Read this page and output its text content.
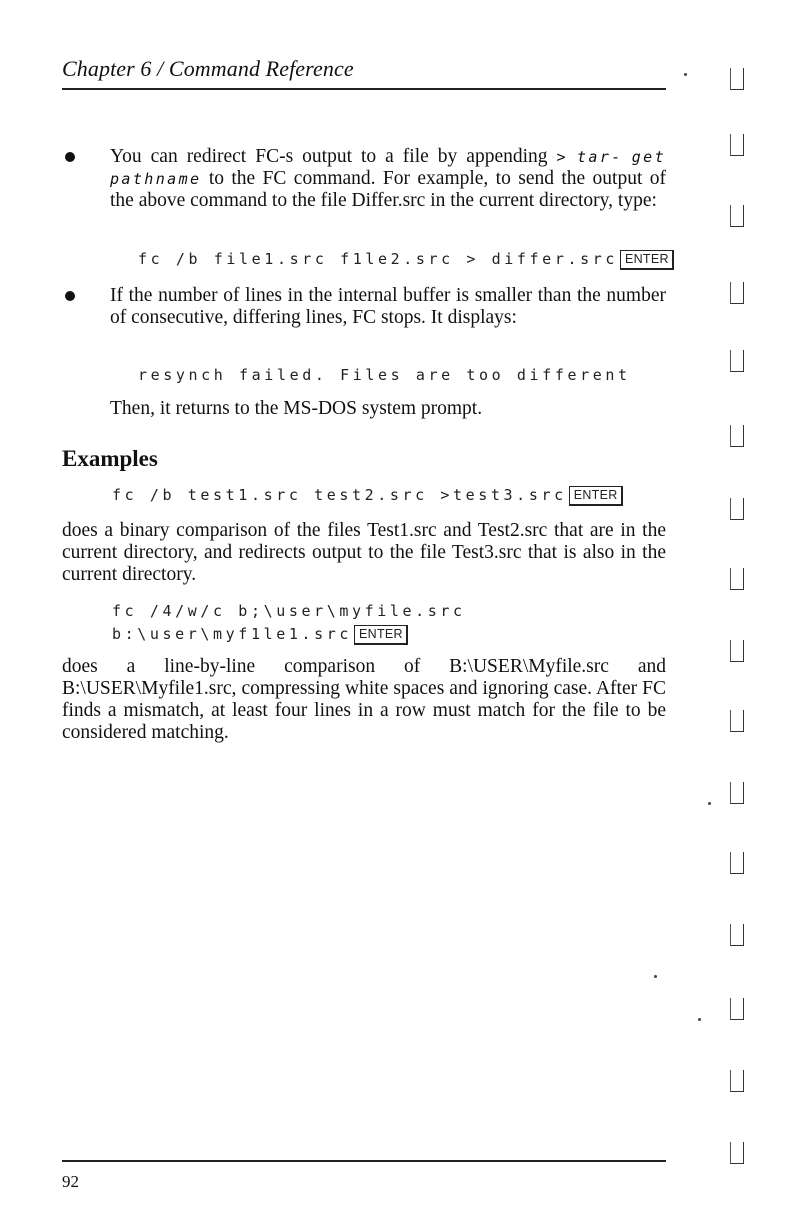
Chapter 6 / Command Reference
You can redirect FC-s output to a file by appending > tar- get pathname to the FC command. For example, to send the output of the above command to the file Differ.src in the current directory, type:
fc /b file1.src f1le2.src > differ.src ENTER
If the number of lines in the internal buffer is smaller than the number of consecutive, differing lines, FC stops. It displays:
resynch failed. Files are too different
Then, it returns to the MS-DOS system prompt.
Examples
fc /b test1.src test2.src >test3.src ENTER
does a binary comparison of the files Test1.src and Test2.src that are in the current directory, and redirects output to the file Test3.src that is also in the current directory.
fc /4/w/c b;\user\myfile.src
b:\user\myf1le1.src ENTER
does a line-by-line comparison of B:\USER\Myfile.src and B:\USER\Myfile1.src, compressing white spaces and ignoring case. After FC finds a mismatch, at least four lines in a row must match for the file to be considered matching.
92
